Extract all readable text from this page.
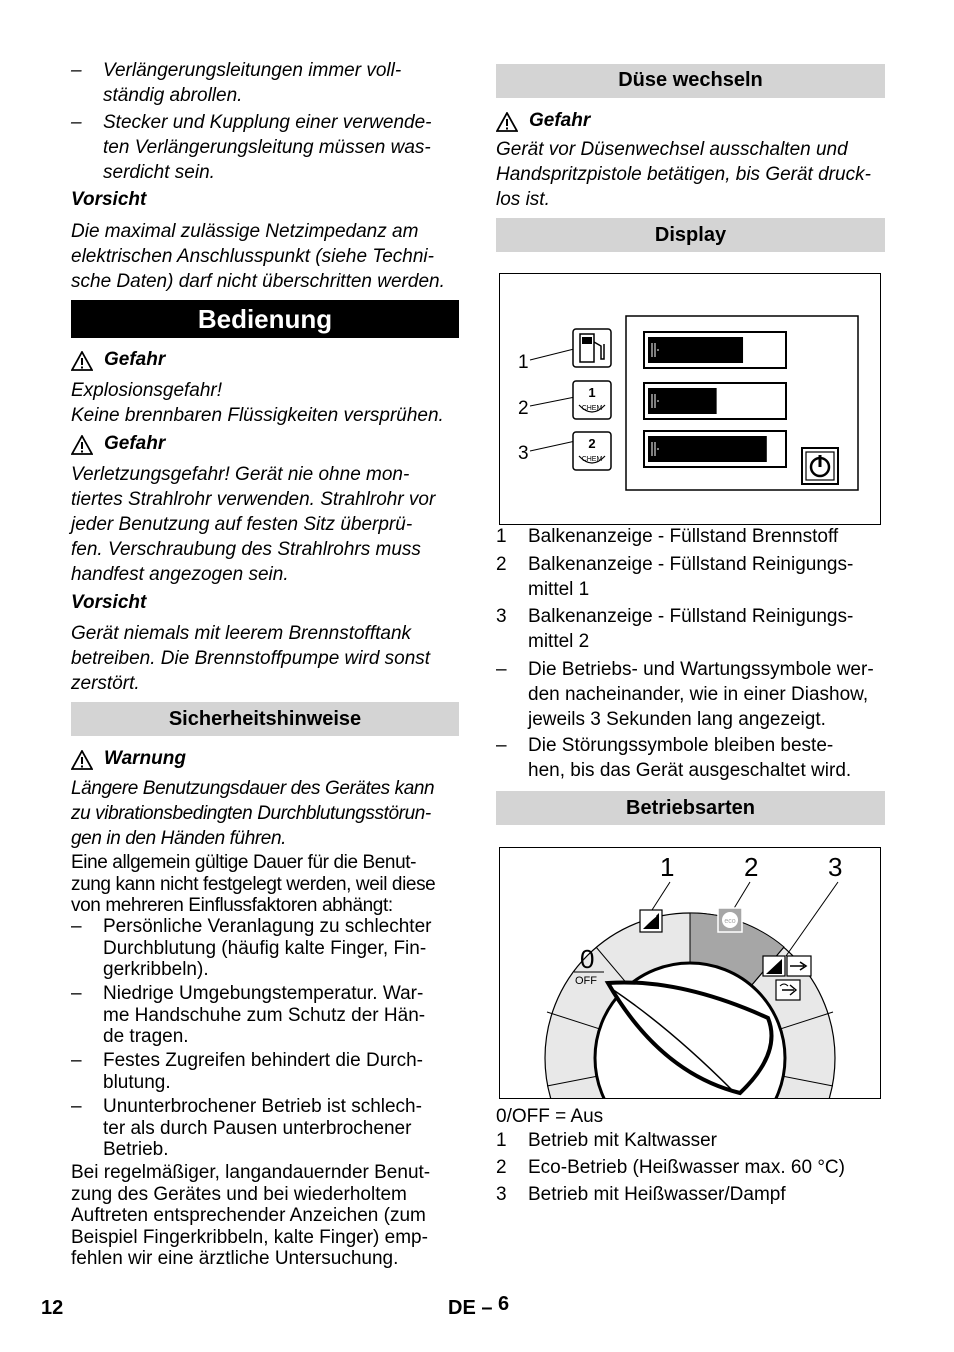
– Verlängerungsleitungen immer voll-
ständig abrollen.
– Stecker und Kupplung einer verwende-
ten Verlängerungsleitung müssen was-
serdicht sein.
Vorsicht
Die maximal zulässige Netzimpedanz am
elektrischen Anschlusspunkt (siehe Techni-
sche Daten) darf nicht überschritten werden.
Bedienung
Gefahr
Explosionsgefahr!
Keine brennbaren Flüssigkeiten versprühen.
Gefahr
Verletzungsgefahr! Gerät nie ohne mon-
tiertes Strahlrohr verwenden. Strahlrohr vor
jeder Benutzung auf festen Sitz überprü-
fen. Verschraubung des Strahlrohrs muss
handfest angezogen sein.
Vorsicht
Gerät niemals mit leerem Brennstofftank
betreiben. Die Brennstoffpumpe wird sonst
zerstört.
Sicherheitshinweise
Warnung
Längere Benutzungsdauer des Gerätes kann
zu vibrationsbedingten Durchblutungsstörun-
gen in den Händen führen.
Eine allgemein gültige Dauer für die Benut-
zung kann nicht festgelegt werden, weil diese
von mehreren Einflussfaktoren abhängt:
– Persönliche Veranlagung zu schlechter
Durchblutung (häufig kalte Finger, Fin-
gerkribbeln).
– Niedrige Umgebungstemperatur. War-
me Handschuhe zum Schutz der Hän-
de tragen.
– Festes Zugreifen behindert die Durch-
blutung.
– Ununterbrochener Betrieb ist schlech-
ter als durch Pausen unterbrochener
Betrieb.
Bei regelmäßiger, langandauernder Benut-
zung des Gerätes und bei wiederholtem
Auftreten entsprechender Anzeichen (zum
Beispiel Fingerkribbeln, kalte Finger) emp-
fehlen wir eine ärztliche Untersuchung.
Düse wechseln
Gefahr
Gerät vor Düsenwechsel ausschalten und
Handspritzpistole betätigen, bis Gerät druck-
los ist.
Display
1
2
3
1
CHEM
2
CHEM
1 Balkenanzeige - Füllstand Brennstoff
2 Balkenanzeige - Füllstand Reinigungs-
mittel 1
3 Balkenanzeige - Füllstand Reinigungs-
mittel 2
– Die Betriebs- und Wartungssymbole wer-
den nacheinander, wie in einer Diashow,
jeweils 3 Sekunden lang angezeigt.
– Die Störungssymbole bleiben beste-
hen, bis das Gerät ausgeschaltet wird.
Betriebsarten
1	2	3
eco
0
OFF
0/OFF = Aus
1 Betrieb mit Kaltwasser
2 Eco-Betrieb (Heißwasser max. 60 °C)
3 Betrieb mit Heißwasser/Dampf
12	DE – 6
